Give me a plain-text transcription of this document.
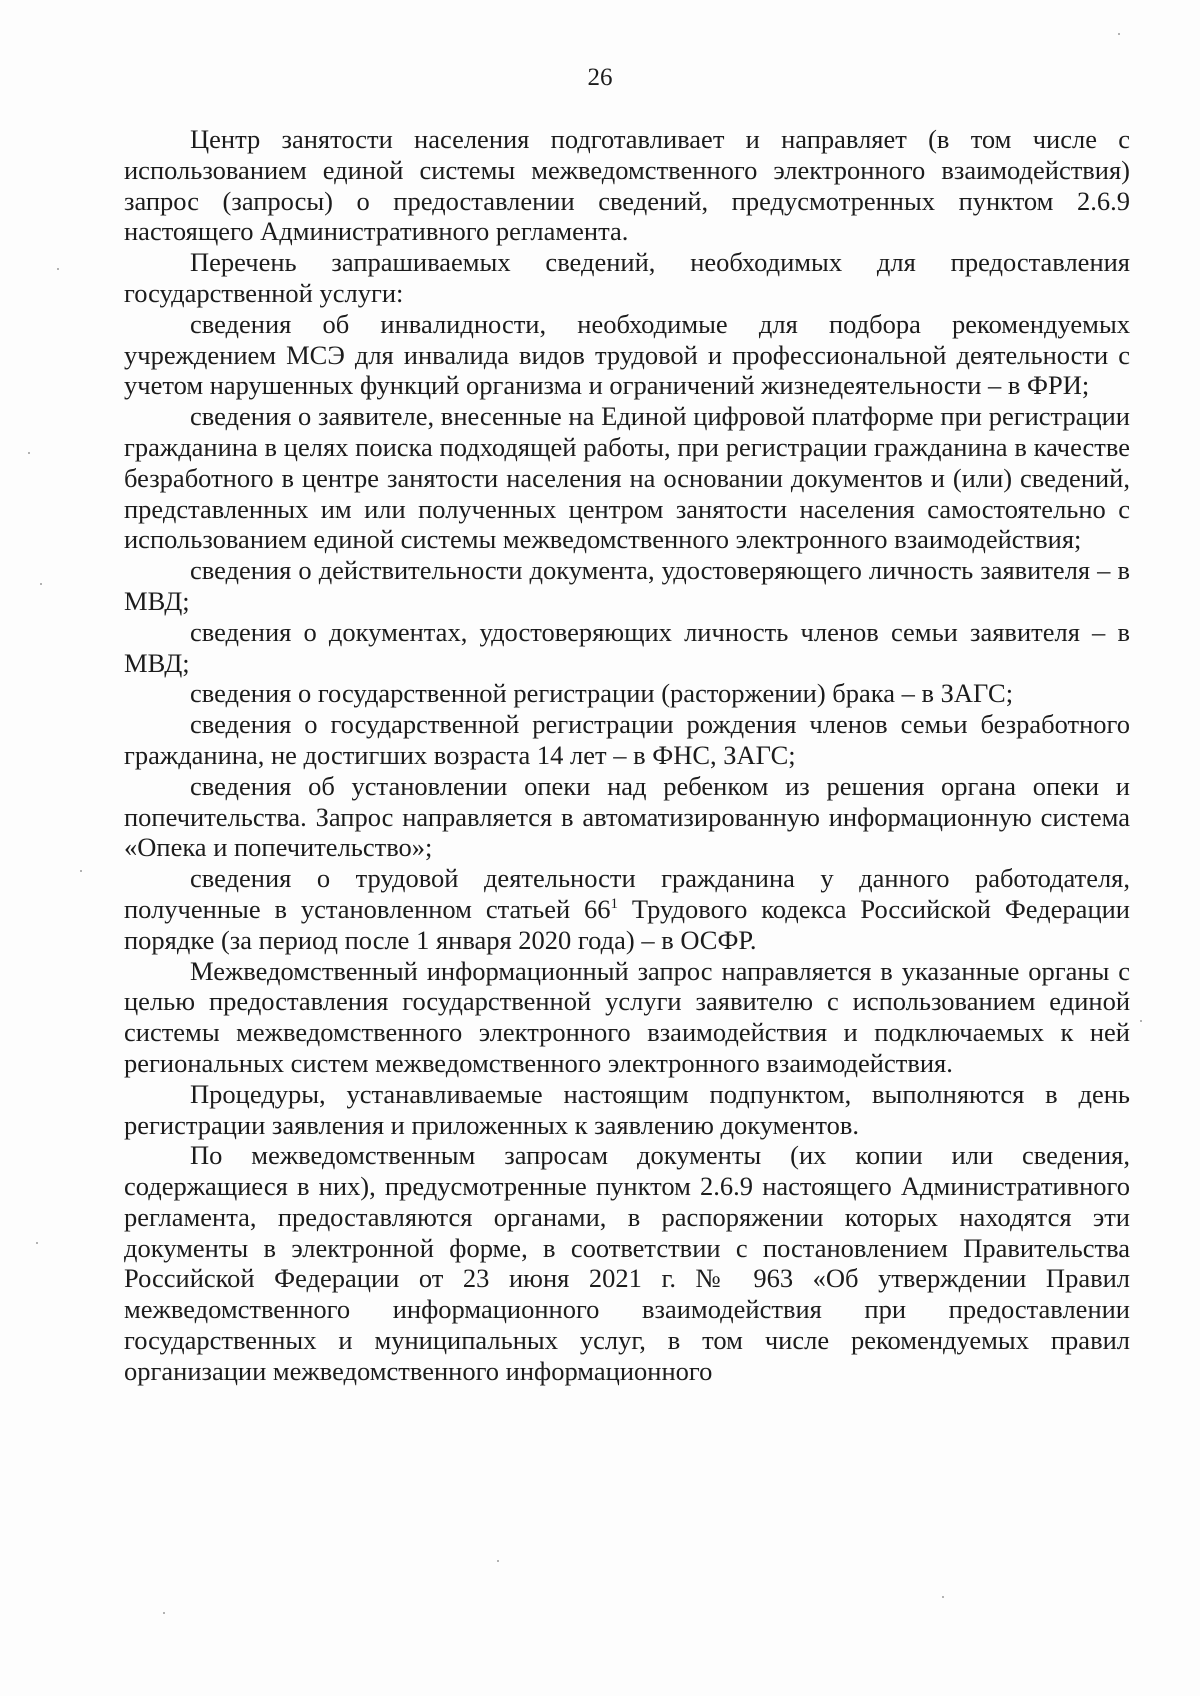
26

Центр занятости населения подготавливает и направляет (в том числе с использованием единой системы межведомственного электронного взаимодействия) запрос (запросы) о предоставлении сведений, предусмотренных пунктом 2.6.9 настоящего Административного регламента.

Перечень запрашиваемых сведений, необходимых для предоставления государственной услуги:

сведения об инвалидности, необходимые для подбора рекомендуемых учреждением МСЭ для инвалида видов трудовой и профессиональной деятельности с учетом нарушенных функций организма и ограничений жизнедеятельности – в ФРИ;

сведения о заявителе, внесенные на Единой цифровой платформе при регистрации гражданина в целях поиска подходящей работы, при регистрации гражданина в качестве безработного в центре занятости населения на основании документов и (или) сведений, представленных им или полученных центром занятости населения самостоятельно с использованием единой системы межведомственного электронного взаимодействия;

сведения о действительности документа, удостоверяющего личность заявителя – в МВД;

сведения о документах, удостоверяющих личность членов семьи заявителя – в МВД;

сведения о государственной регистрации (расторжении) брака – в ЗАГС;

сведения о государственной регистрации рождения членов семьи безработного гражданина, не достигших возраста 14 лет – в ФНС, ЗАГС;

сведения об установлении опеки над ребенком из решения органа опеки и попечительства. Запрос направляется в автоматизированную информационную система «Опека и попечительство»;

сведения о трудовой деятельности гражданина у данного работодателя, полученные в установленном статьей $66^1$ Трудового кодекса Российской Федерации порядке (за период после 1 января 2020 года) – в ОСФР.

Межведомственный информационный запрос направляется в указанные органы с целью предоставления государственной услуги заявителю с использованием единой системы межведомственного электронного взаимодействия и подключаемых к ней региональных систем межведомственного электронного взаимодействия.

Процедуры, устанавливаемые настоящим подпунктом, выполняются в день регистрации заявления и приложенных к заявлению документов.

По межведомственным запросам документы (их копии или сведения, содержащиеся в них), предусмотренные пунктом 2.6.9 настоящего Административного регламента, предоставляются органами, в распоряжении которых находятся эти документы в электронной форме, в соответствии с постановлением Правительства Российской Федерации от 23 июня 2021 г. № 963 «Об утверждении Правил межведомственного информационного взаимодействия при предоставлении государственных и муниципальных услуг, в том числе рекомендуемых правил организации межведомственного информационного
